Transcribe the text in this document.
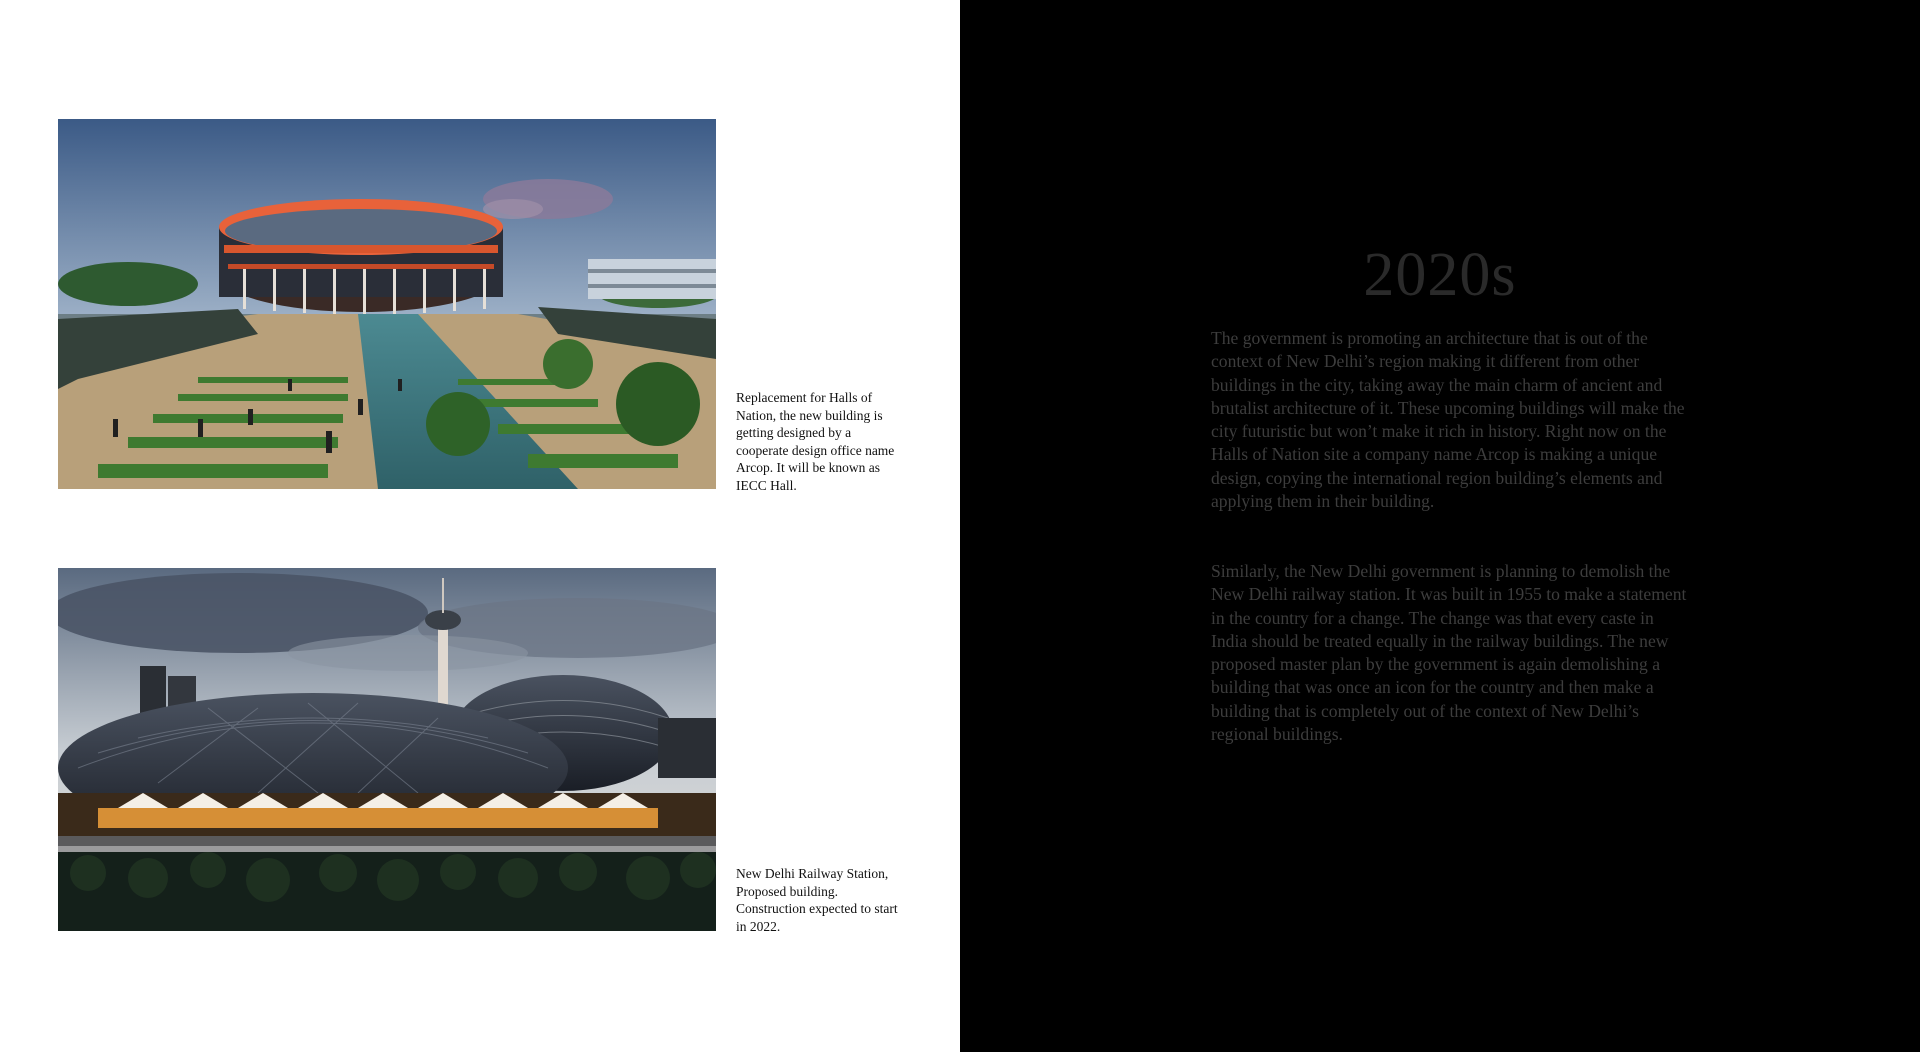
Replacement for Halls of Nation, the new building is getting designed by a cooperate design office name Arcop. It will be known as IECC Hall.

New Delhi Railway Station, Proposed building. Construction expected to start in 2022.

2020s

The government is promoting an architecture that is out of the context of New Delhi’s region making it different from other buildings in the city, taking away the main charm of ancient and brutalist architecture of it. These upcoming buildings will make the city futuristic but won’t make it rich in history. Right now on the Halls of Nation site a company name Arcop is making a unique design, copying the international region building’s elements and applying them in their building.

Similarly, the New Delhi government is planning to demolish the New Delhi railway station. It was built in 1955 to make a statement in the country for a change. The change was that every caste in India should be treated equally in the railway buildings. The new proposed master plan by the government is again demolishing a building that was once an icon for the country and then make a building that is completely out of the context of New Delhi’s regional buildings.
